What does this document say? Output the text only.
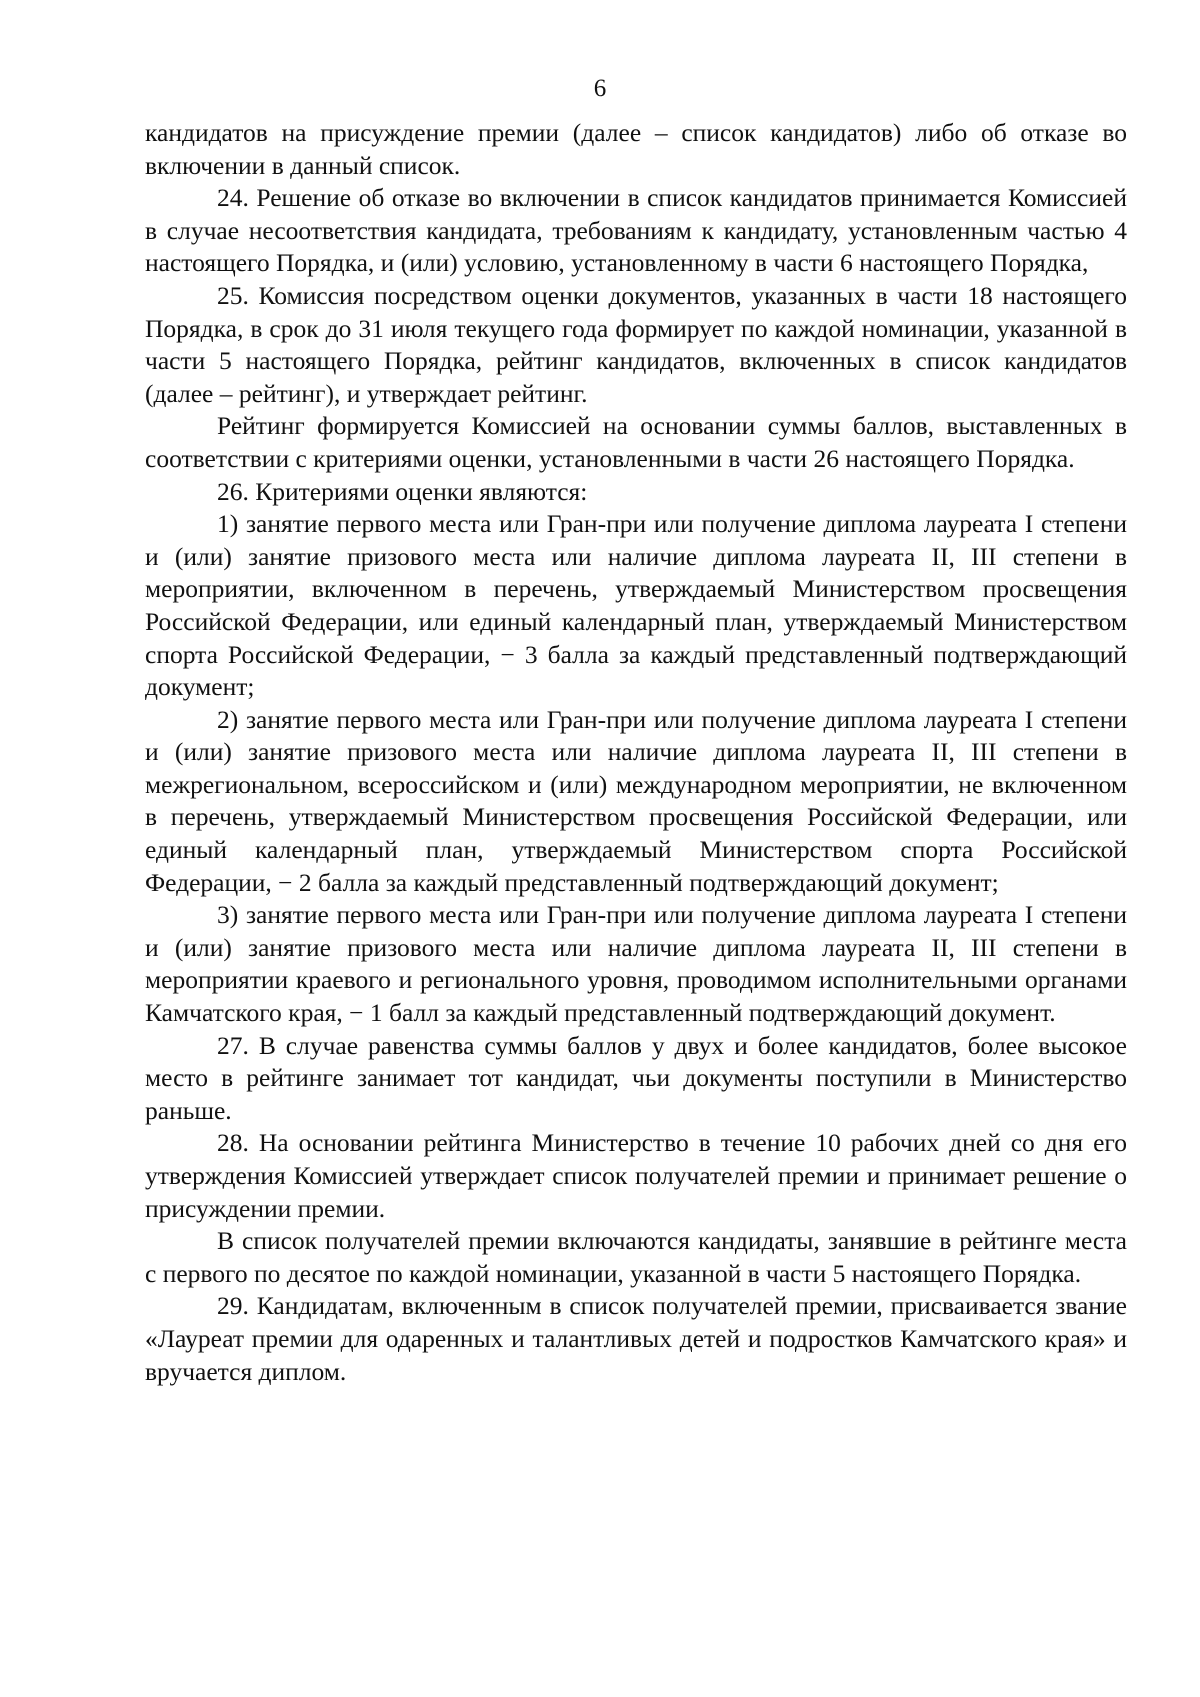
6

кандидатов на присуждение премии (далее – список кандидатов) либо об отказе во включении в данный список.

24. Решение об отказе во включении в список кандидатов принимается Комиссией в случае несоответствия кандидата, требованиям к кандидату, установленным частью 4 настоящего Порядка, и (или) условию, установленному в части 6 настоящего Порядка,

25. Комиссия посредством оценки документов, указанных в части 18 настоящего Порядка, в срок до 31 июля текущего года формирует по каждой номинации, указанной в части 5 настоящего Порядка, рейтинг кандидатов, включенных в список кандидатов (далее – рейтинг), и утверждает рейтинг.

Рейтинг формируется Комиссией на основании суммы баллов, выставленных в соответствии с критериями оценки, установленными в части 26 настоящего Порядка.

26. Критериями оценки являются:

1) занятие первого места или Гран-при или получение диплома лауреата I степени и (или) занятие призового места или наличие диплома лауреата II, III степени в мероприятии, включенном в перечень, утверждаемый Министерством просвещения Российской Федерации, или единый календарный план, утверждаемый Министерством спорта Российской Федерации, − 3 балла за каждый представленный подтверждающий документ;

2) занятие первого места или Гран-при или получение диплома лауреата I степени и (или) занятие призового места или наличие диплома лауреата II, III степени в межрегиональном, всероссийском и (или) международном мероприятии, не включенном в перечень, утверждаемый Министерством просвещения Российской Федерации, или единый календарный план, утверждаемый Министерством спорта Российской Федерации, − 2 балла за каждый представленный подтверждающий документ;

3) занятие первого места или Гран-при или получение диплома лауреата I степени и (или) занятие призового места или наличие диплома лауреата II, III степени в мероприятии краевого и регионального уровня, проводимом исполнительными органами Камчатского края, − 1 балл за каждый представленный подтверждающий документ.

27. В случае равенства суммы баллов у двух и более кандидатов, более высокое место в рейтинге занимает тот кандидат, чьи документы поступили в Министерство раньше.

28. На основании рейтинга Министерство в течение 10 рабочих дней со дня его утверждения Комиссией утверждает список получателей премии и принимает решение о присуждении премии.

В список получателей премии включаются кандидаты, занявшие в рейтинге места с первого по десятое по каждой номинации, указанной в части 5 настоящего Порядка.

29. Кандидатам, включенным в список получателей премии, присваивается звание «Лауреат премии для одаренных и талантливых детей и подростков Камчатского края» и вручается диплом.
